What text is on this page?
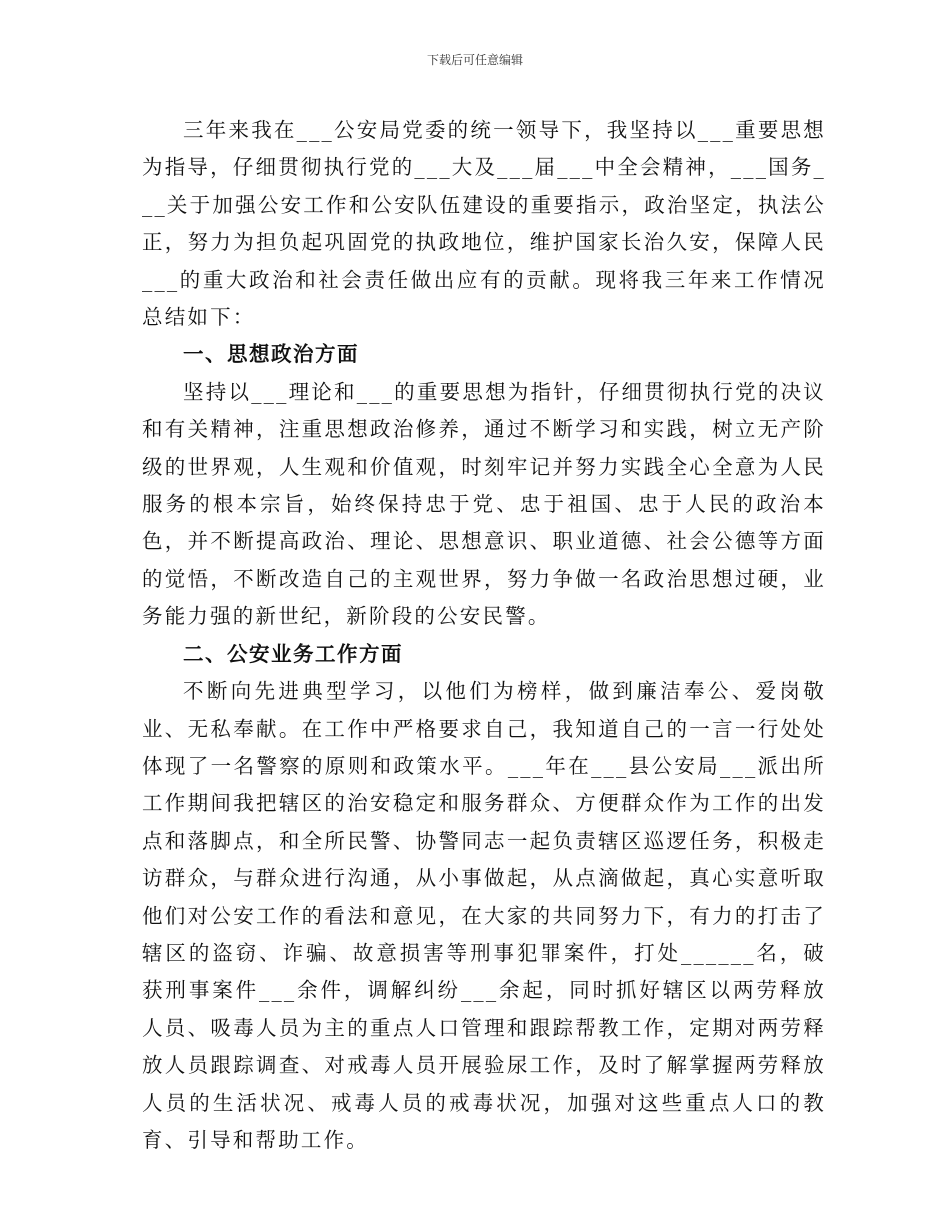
下载后可任意编辑

三年来我在___公安局党委的统一领导下，我坚持以___重要思想为指导，仔细贯彻执行党的___大及___届___中全会精神，___国务___关于加强公安工作和公安队伍建设的重要指示，政治坚定，执法公正，努力为担负起巩固党的执政地位，维护国家长治久安，保障人民___的重大政治和社会责任做出应有的贡献。现将我三年来工作情况总结如下：

一、思想政治方面

坚持以___理论和___的重要思想为指针，仔细贯彻执行党的决议和有关精神，注重思想政治修养，通过不断学习和实践，树立无产阶级的世界观，人生观和价值观，时刻牢记并努力实践全心全意为人民服务的根本宗旨，始终保持忠于党、忠于祖国、忠于人民的政治本色，并不断提高政治、理论、思想意识、职业道德、社会公德等方面的觉悟，不断改造自己的主观世界，努力争做一名政治思想过硬，业务能力强的新世纪，新阶段的公安民警。

二、公安业务工作方面

不断向先进典型学习，以他们为榜样，做到廉洁奉公、爱岗敬业、无私奉献。在工作中严格要求自己，我知道自己的一言一行处处体现了一名警察的原则和政策水平。___年在___县公安局___派出所工作期间我把辖区的治安稳定和服务群众、方便群众作为工作的出发点和落脚点，和全所民警、协警同志一起负责辖区巡逻任务，积极走访群众，与群众进行沟通，从小事做起，从点滴做起，真心实意听取他们对公安工作的看法和意见，在大家的共同努力下，有力的打击了辖区的盗窃、诈骗、故意损害等刑事犯罪案件，打处______名，破获刑事案件___余件，调解纠纷___余起，同时抓好辖区以两劳释放人员、吸毒人员为主的重点人口管理和跟踪帮教工作，定期对两劳释放人员跟踪调查、对戒毒人员开展验尿工作，及时了解掌握两劳释放人员的生活状况、戒毒人员的戒毒状况，加强对这些重点人口的教育、引导和帮助工作。
